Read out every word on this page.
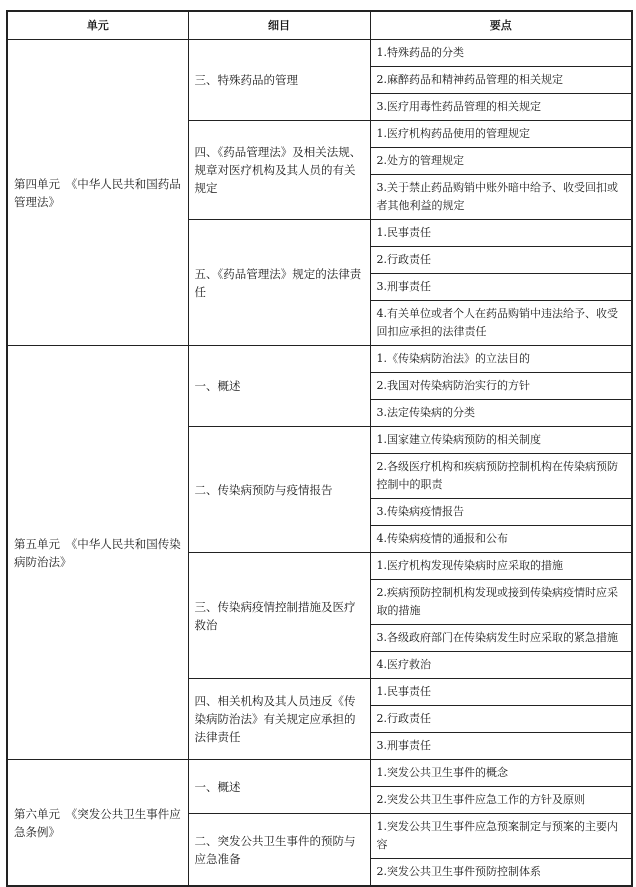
单元	细目	要点
第四单元　《中华人民共和国药品管理法》	三、特殊药品的管理	1.特殊药品的分类
		2.麻醉药品和精神药品管理的相关规定
		3.医疗用毒性药品管理的相关规定
	四、《药品管理法》及相关法规、规章对医疗机构及其人员的有关规定	1.医疗机构药品使用的管理规定
		2.处方的管理规定
		3.关于禁止药品购销中账外暗中给予、收受回扣或者其他利益的规定
	五、《药品管理法》规定的法律责任	1.民事责任
		2.行政责任
		3.刑事责任
		4.有关单位或者个人在药品购销中违法给予、收受回扣应承担的法律责任
第五单元　《中华人民共和国传染病防治法》	一、概述	1.《传染病防治法》的立法目的
		2.我国对传染病防治实行的方针
		3.法定传染病的分类
	二、传染病预防与疫情报告	1.国家建立传染病预防的相关制度
		2.各级医疗机构和疾病预防控制机构在传染病预防控制中的职责
		3.传染病疫情报告
		4.传染病疫情的通报和公布
	三、传染病疫情控制措施及医疗救治	1.医疗机构发现传染病时应采取的措施
		2.疾病预防控制机构发现或接到传染病疫情时应采取的措施
		3.各级政府部门在传染病发生时应采取的紧急措施
		4.医疗救治
	四、相关机构及其人员违反《传染病防治法》有关规定应承担的法律责任	1.民事责任
		2.行政责任
		3.刑事责任
第六单元　《突发公共卫生事件应急条例》	一、概述	1.突发公共卫生事件的概念
		2.突发公共卫生事件应急工作的方针及原则
	二、突发公共卫生事件的预防与应急准备	1.突发公共卫生事件应急预案制定与预案的主要内容
		2.突发公共卫生事件预防控制体系
